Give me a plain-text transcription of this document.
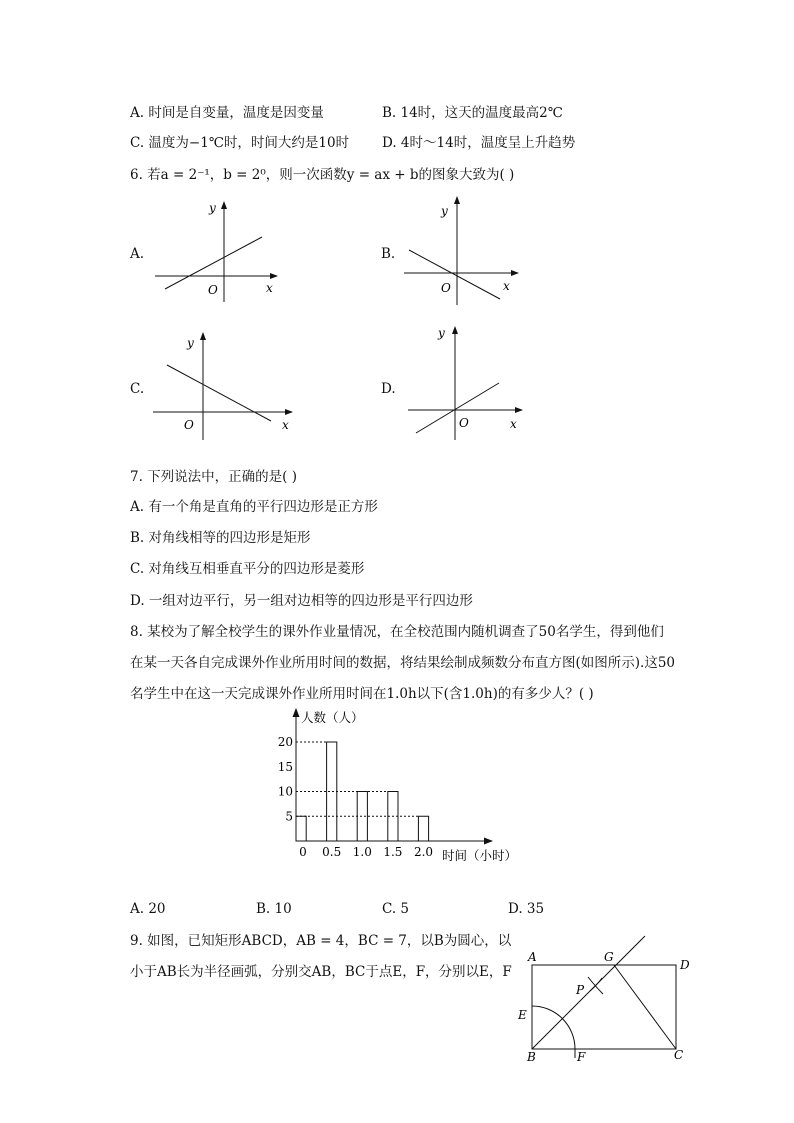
A. 时间是自变量，温度是因变量	B. 14时，这天的温度最高2℃
C. 温度为−1℃时，时间大约是10时 D. 4时～14时，温度呈上升趋势
6. 若a = 2⁻¹，b = 2⁰，则一次函数y = ax + b的图象大致为( )
A.	B.
C.	D.
y
O	x
y
O	x
y
O	x
y
O	x
7. 下列说法中，正确的是( )
A. 有一个角是直角的平行四边形是正方形
B. 对角线相等的四边形是矩形
C. 对角线互相垂直平分的四边形是菱形
D. 一组对边平行，另一组对边相等的四边形是平行四边形
8. 某校为了解全校学生的课外作业量情况，在全校范围内随机调查了50名学生，得到他们
在某一天各自完成课外作业所用时间的数据，将结果绘制成频数分布直方图(如图所示).这50
名学生中在这一天完成课外作业所用时间在1.0h以下(含1.0h)的有多少人？( )
人数（人）
时间（小时）
5
10
15
20
0 0.5 1.0 1.5 2.0
A. 20	B. 10	C. 5	D. 35
9. 如图，已知矩形ABCD，AB = 4，BC = 7，以B为圆心，以
小于AB长为半径画弧，分别交AB，BC于点E，F，分别以E，F
A	G
D
P
E
B	F	C
